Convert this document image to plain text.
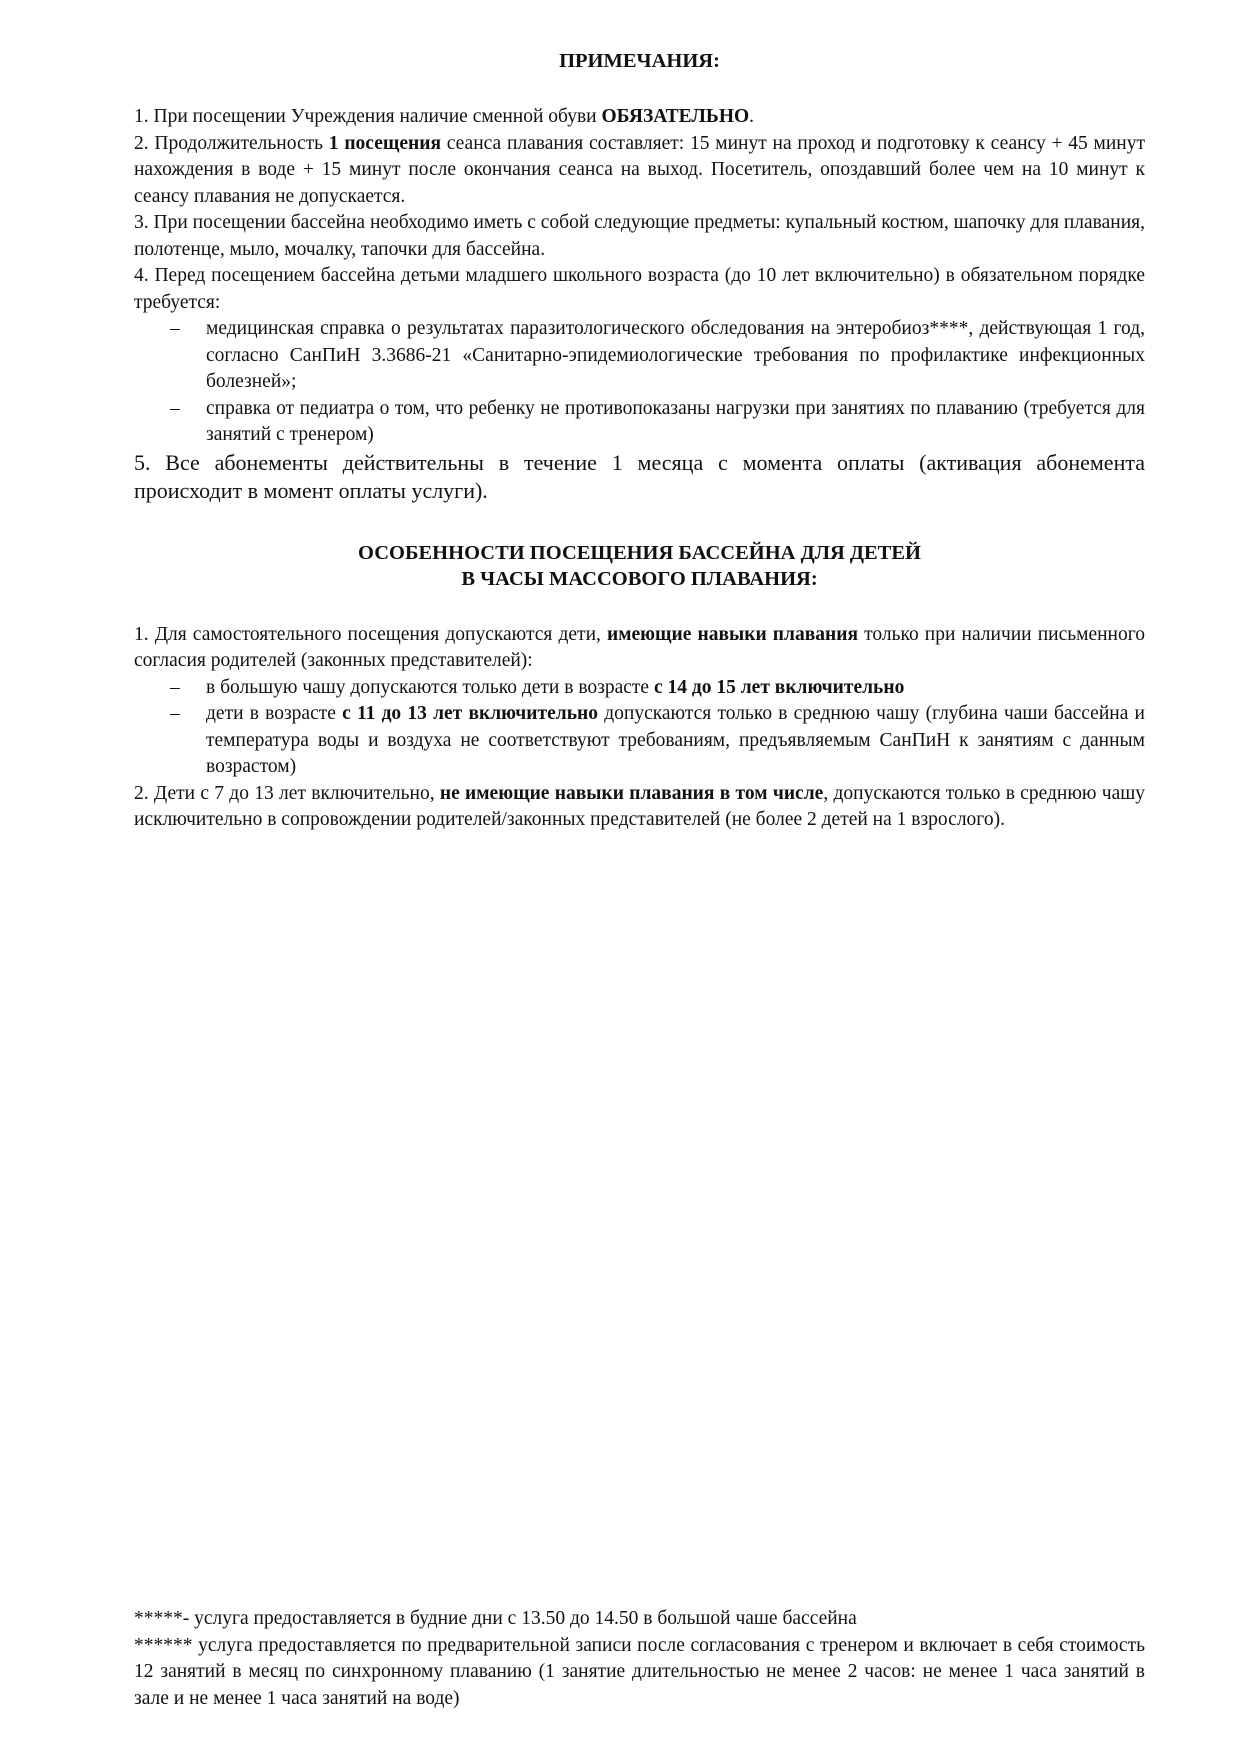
ПРИМЕЧАНИЯ:

1. При посещении Учреждения наличие сменной обуви ОБЯЗАТЕЛЬНО.

2. Продолжительность 1 посещения сеанса плавания составляет: 15 минут на проход и подготовку к сеансу + 45 минут нахождения в воде + 15 минут после окончания сеанса на выход. Посетитель, опоздавший более чем на 10 минут к сеансу плавания не допускается.

3. При посещении бассейна необходимо иметь с собой следующие предметы: купальный костюм, шапочку для плавания, полотенце, мыло, мочалку, тапочки для бассейна.

4. Перед посещением бассейна детьми младшего школьного возраста (до 10 лет включительно) в обязательном порядке требуется:

– медицинская справка о результатах паразитологического обследования на энтеробиоз****, действующая 1 год, согласно СанПиН 3.3686-21 «Санитарно-эпидемиологические требования по профилактике инфекционных болезней»;

– справка от педиатра о том, что ребенку не противопоказаны нагрузки при занятиях по плаванию (требуется для занятий с тренером)

5. Все абонементы действительны в течение 1 месяца с момента оплаты (активация абонемента происходит в момент оплаты услуги).

ОСОБЕННОСТИ ПОСЕЩЕНИЯ БАССЕЙНА ДЛЯ ДЕТЕЙ

В ЧАСЫ МАССОВОГО ПЛАВАНИЯ:

1. Для самостоятельного посещения допускаются дети, имеющие навыки плавания только при наличии письменного согласия родителей (законных представителей):

– в большую чашу допускаются только дети в возрасте с 14 до 15 лет включительно

– дети в возрасте с 11 до 13 лет включительно допускаются только в среднюю чашу (глубина чаши бассейна и температура воды и воздуха не соответствуют требованиям, предъявляемым СанПиН к занятиям с данным возрастом)

2. Дети с 7 до 13 лет включительно, не имеющие навыки плавания в том числе, допускаются только в среднюю чашу исключительно в сопровождении родителей/законных представителей (не более 2 детей на 1 взрослого).

*****- услуга предоставляется в будние дни с 13.50 до 14.50 в большой чаше бассейна

****** услуга предоставляется по предварительной записи после согласования с тренером и включает в себя стоимость 12 занятий в месяц по синхронному плаванию (1 занятие длительностью не менее 2 часов: не менее 1 часа занятий в зале и не менее 1 часа занятий на воде)
